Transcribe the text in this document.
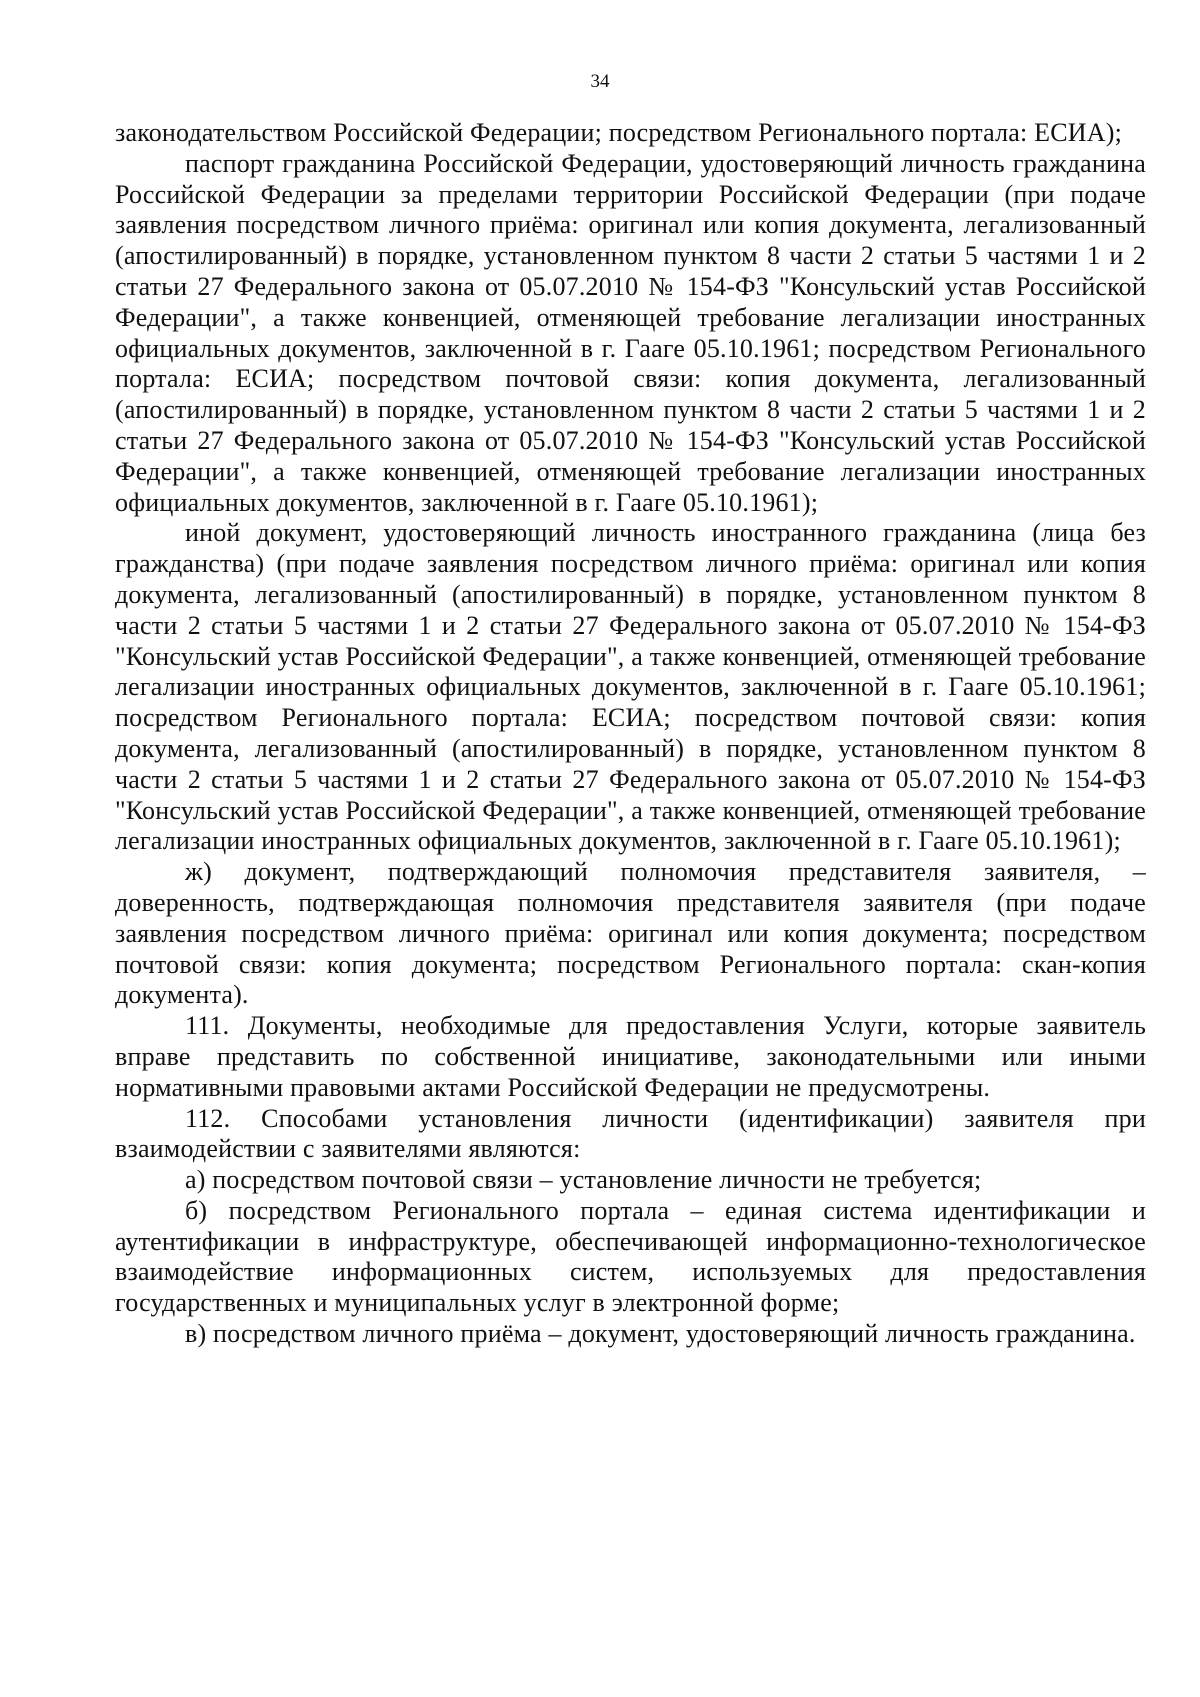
34

законодательством Российской Федерации; посредством Регионального портала: ЕСИА);

паспорт гражданина Российской Федерации, удостоверяющий личность гражданина Российской Федерации за пределами территории Российской Федерации (при подаче заявления посредством личного приёма: оригинал или копия документа, легализованный (апостилированный) в порядке, установленном пунктом 8 части 2 статьи 5 частями 1 и 2 статьи 27 Федерального закона от 05.07.2010 № 154-ФЗ "Консульский устав Российской Федерации", а также конвенцией, отменяющей требование легализации иностранных официальных документов, заключенной в г. Гааге 05.10.1961; посредством Регионального портала: ЕСИА; посредством почтовой связи: копия документа, легализованный (апостилированный) в порядке, установленном пунктом 8 части 2 статьи 5 частями 1 и 2 статьи 27 Федерального закона от 05.07.2010 № 154-ФЗ "Консульский устав Российской Федерации", а также конвенцией, отменяющей требование легализации иностранных официальных документов, заключенной в г. Гааге 05.10.1961);

иной документ, удостоверяющий личность иностранного гражданина (лица без гражданства) (при подаче заявления посредством личного приёма: оригинал или копия документа, легализованный (апостилированный) в порядке, установленном пунктом 8 части 2 статьи 5 частями 1 и 2 статьи 27 Федерального закона от 05.07.2010 № 154-ФЗ "Консульский устав Российской Федерации", а также конвенцией, отменяющей требование легализации иностранных официальных документов, заключенной в г. Гааге 05.10.1961; посредством Регионального портала: ЕСИА; посредством почтовой связи: копия документа, легализованный (апостилированный) в порядке, установленном пунктом 8 части 2 статьи 5 частями 1 и 2 статьи 27 Федерального закона от 05.07.2010 № 154-ФЗ "Консульский устав Российской Федерации", а также конвенцией, отменяющей требование легализации иностранных официальных документов, заключенной в г. Гааге 05.10.1961);

ж) документ, подтверждающий полномочия представителя заявителя, – доверенность, подтверждающая полномочия представителя заявителя (при подаче заявления посредством личного приёма: оригинал или копия документа; посредством почтовой связи: копия документа; посредством Регионального портала: скан-копия документа).

111. Документы, необходимые для предоставления Услуги, которые заявитель вправе представить по собственной инициативе, законодательными или иными нормативными правовыми актами Российской Федерации не предусмотрены.

112. Способами установления личности (идентификации) заявителя при взаимодействии с заявителями являются:

а) посредством почтовой связи – установление личности не требуется;

б) посредством Регионального портала – единая система идентификации и аутентификации в инфраструктуре, обеспечивающей информационно-технологическое взаимодействие информационных систем, используемых для предоставления государственных и муниципальных услуг в электронной форме;

в) посредством личного приёма – документ, удостоверяющий личность гражданина.
